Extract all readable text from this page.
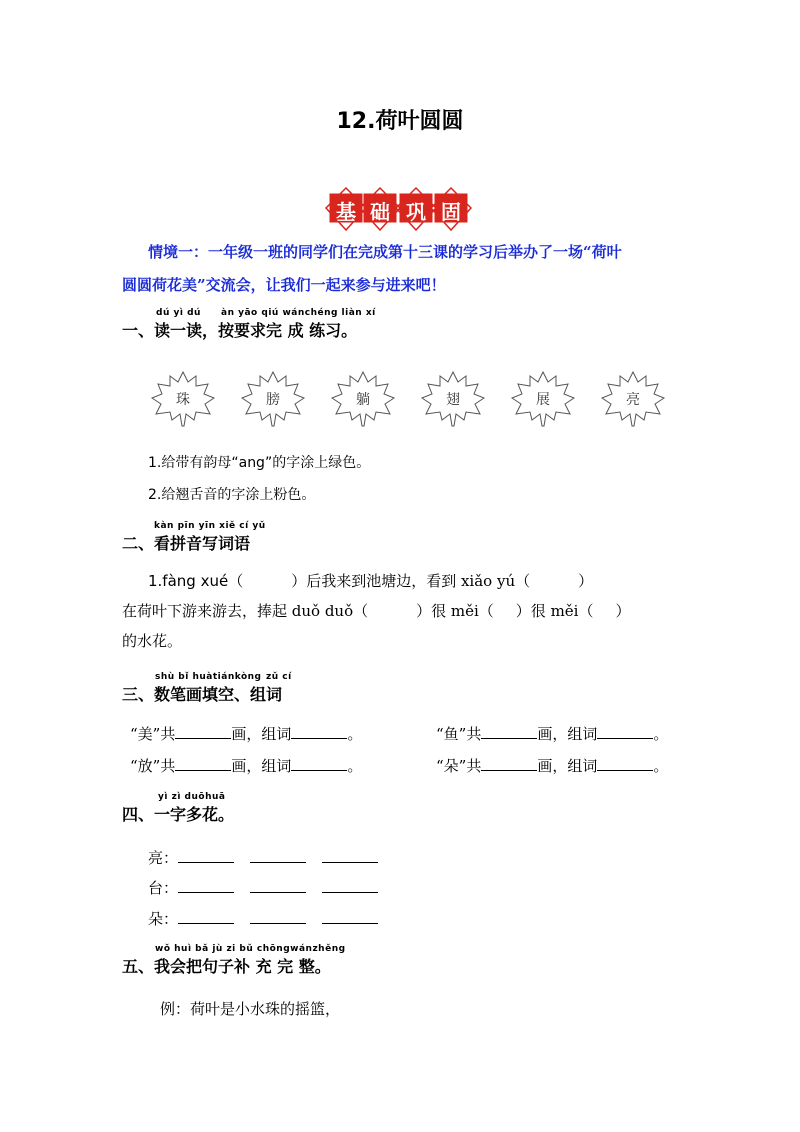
12.荷叶圆圆
基 础 巩 固
情境一：一年级一班的同学们在完成第十三课的学习后举办了一场“荷叶
圆圆荷花美”交流会，让我们一起来参与进来吧！
dú yì dú àn yāo qiú wánchéng liàn xí
一、读一读，按要求完 成 练习。
珠	膀	躺	翅	展	亮
1.给带有韵母“ang”的字涂上绿色。
2.给翘舌音的字涂上粉色。
kàn pīn yīn xiě cí yǔ
二、看拼音写词语
1.fàng xué（	）后我来到池塘边，看到 xiǎo yú（	）
在荷叶下游来游去，捧起 duǒ duǒ（	）很 měi（ ）很 měi（ ）
的水花。
shù bǐ huàtiánkòng zǔ cí
三、数笔画填空、组词
“美”共	画，组词	。	“鱼”共	画，组词	。
“放”共	画，组词	。	“朵”共	画，组词	。
yì zì duōhuā
四、一字多花。
亮：
台：
朵：
wǒ huì bǎ jù zi bǔ chōngwánzhěng
五、我会把句子补 充 完 整。
例：荷叶是小水珠的摇篮，
